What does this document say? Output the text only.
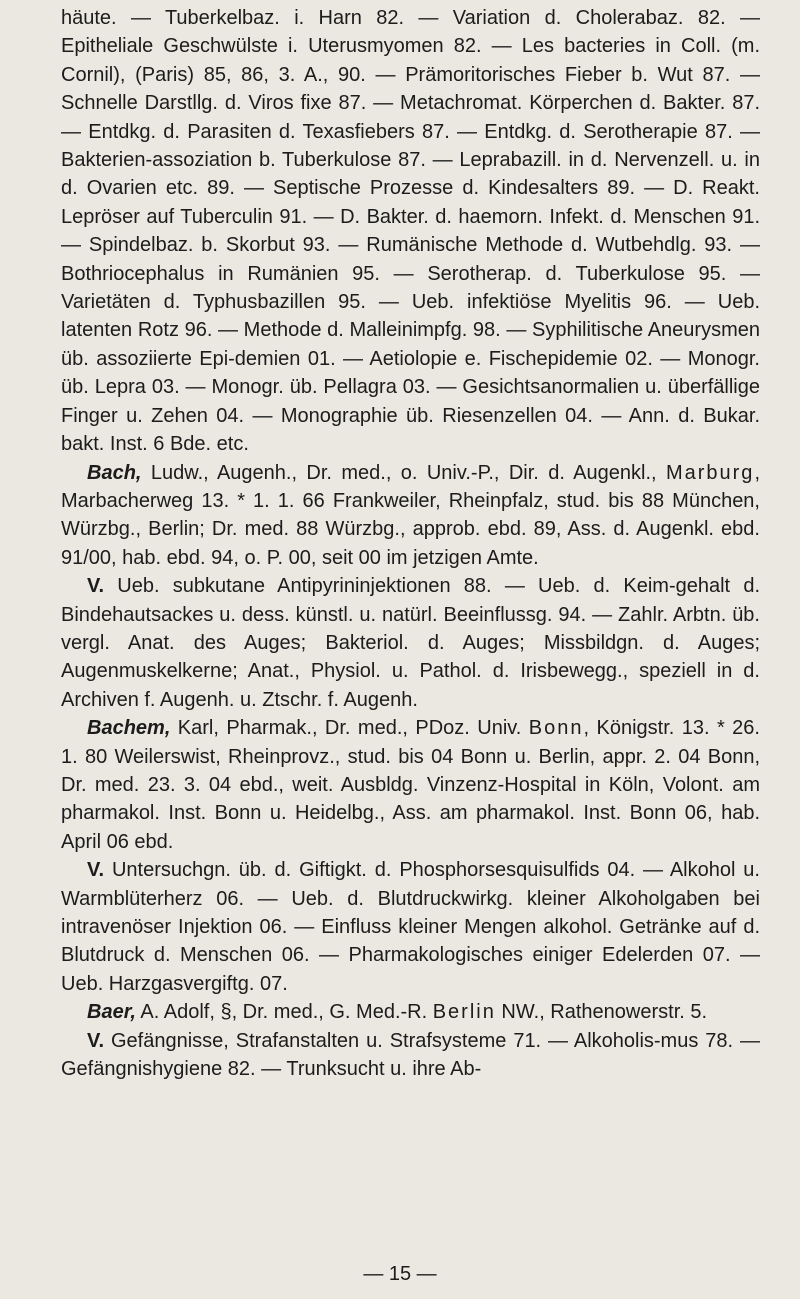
häute. — Tuberkelbaz. i. Harn 82. — Variation d. Cholerabaz. 82. — Epitheliale Geschwülste i. Uterusmyomen 82. — Les bacteries in Coll. (m. Cornil), (Paris) 85, 86, 3. A., 90. — Prämoritorisches Fieber b. Wut 87. — Schnelle Darstllg. d. Viros fixe 87. — Metachromat. Körperchen d. Bakter. 87. — Entdkg. d. Parasiten d. Texasfiebers 87. — Entdkg. d. Serotherapie 87. — Bakterien-assoziation b. Tuberkulose 87. — Leprabazill. in d. Nervenzell. u. in d. Ovarien etc. 89. — Septische Prozesse d. Kindesalters 89. — D. Reakt. Lepröser auf Tuberculin 91. — D. Bakter. d. haemorn. Infekt. d. Menschen 91. — Spindelbaz. b. Skorbut 93. — Rumänische Methode d. Wutbehdlg. 93. — Bothriocephalus in Rumänien 95. — Serotherap. d. Tuberkulose 95. — Varietäten d. Typhusbazillen 95. — Ueb. infektiöse Myelitis 96. — Ueb. latenten Rotz 96. — Methode d. Malleinimpfg. 98. — Syphilitische Aneurysmen üb. assoziierte Epi-demien 01. — Aetiolopie e. Fischepidemie 02. — Monogr. üb. Lepra 03. — Monogr. üb. Pellagra 03. — Gesichtsanormalien u. überfällige Finger u. Zehen 04. — Monographie üb. Riesenzellen 04. — Ann. d. Bukar. bakt. Inst. 6 Bde. etc.

Bach, Ludw., Augenh., Dr. med., o. Univ.-P., Dir. d. Augenkl., Marburg, Marbacherweg 13. * 1. 1. 66 Frankweiler, Rheinpfalz, stud. bis 88 München, Würzbg., Berlin; Dr. med. 88 Würzbg., approb. ebd. 89, Ass. d. Augenkl. ebd. 91/00, hab. ebd. 94, o. P. 00, seit 00 im jetzigen Amte.

V. Ueb. subkutane Antipyrininjektionen 88. — Ueb. d. Keim-gehalt d. Bindehautsackes u. dess. künstl. u. natürl. Beeinflussg. 94. — Zahlr. Arbtn. üb. vergl. Anat. des Auges; Bakteriol. d. Auges; Missbildgn. d. Auges; Augenmuskelkerne; Anat., Physiol. u. Pathol. d. Irisbewegg., speziell in d. Archiven f. Augenh. u. Ztschr. f. Augenh.

Bachem, Karl, Pharmak., Dr. med., PDoz. Univ. Bonn, Königstr. 13. * 26. 1. 80 Weilerswist, Rheinprovz., stud. bis 04 Bonn u. Berlin, appr. 2. 04 Bonn, Dr. med. 23. 3. 04 ebd., weit. Ausbldg. Vinzenz-Hospital in Köln, Volont. am pharmakol. Inst. Bonn u. Heidelbg., Ass. am pharmakol. Inst. Bonn 06, hab. April 06 ebd.

V. Untersuchgn. üb. d. Giftigkt. d. Phosphorsesquisulfids 04. — Alkohol u. Warmblüterherz 06. — Ueb. d. Blutdruckwirkg. kleiner Alkoholgaben bei intravenöser Injektion 06. — Einfluss kleiner Mengen alkohol. Getränke auf d. Blutdruck d. Menschen 06. — Pharmakologisches einiger Edelerden 07. — Ueb. Harzgasvergiftg. 07.

Baer, A. Adolf, §, Dr. med., G. Med.-R. Berlin NW., Rathenowerstr. 5.

V. Gefängnisse, Strafanstalten u. Strafsysteme 71. — Alkoholis-mus 78. — Gefängnishygiene 82. — Trunksucht u. ihre Ab-

— 15 —
